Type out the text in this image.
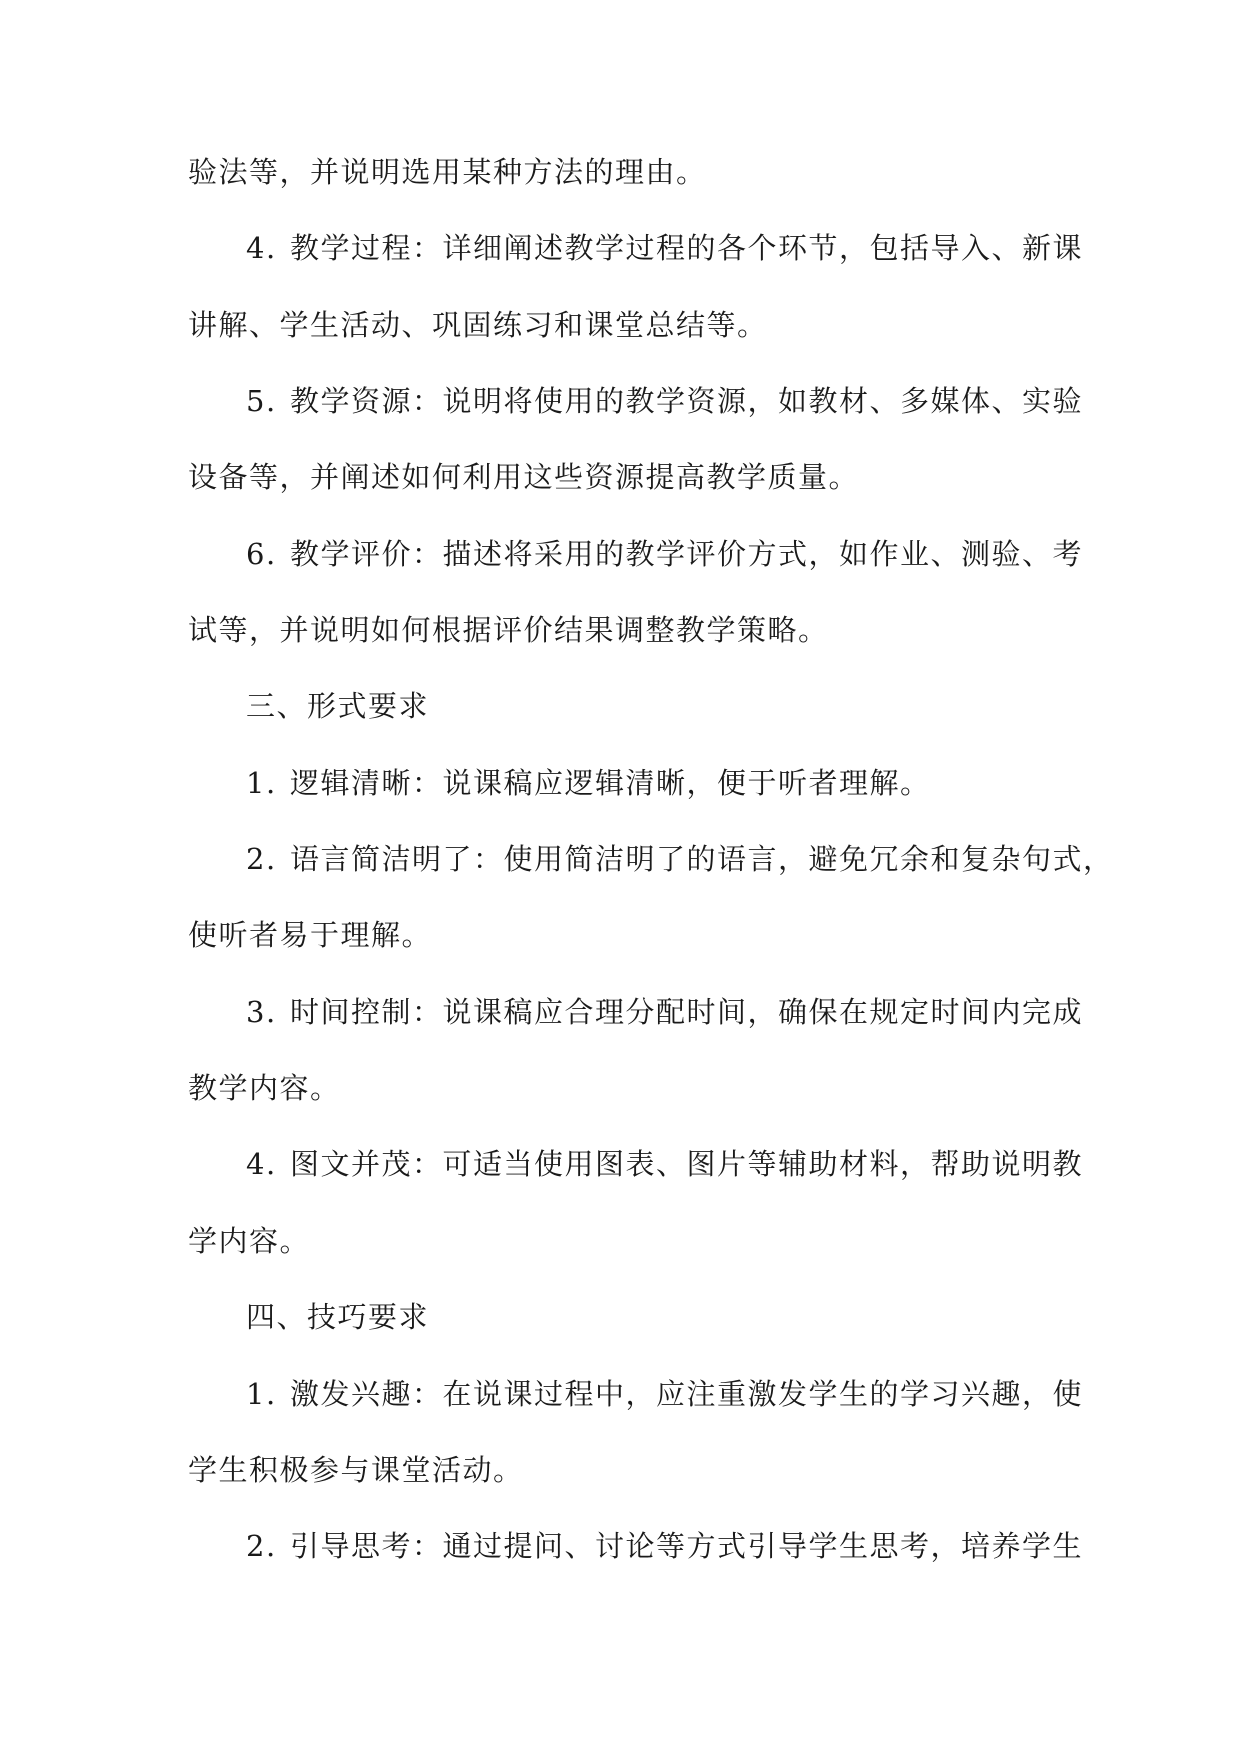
验法等，并说明选用某种方法的理由。
4. 教学过程：详细阐述教学过程的各个环节，包括导入、新课
讲解、学生活动、巩固练习和课堂总结等。
5. 教学资源：说明将使用的教学资源，如教材、多媒体、实验
设备等，并阐述如何利用这些资源提高教学质量。
6. 教学评价：描述将采用的教学评价方式，如作业、测验、考
试等，并说明如何根据评价结果调整教学策略。
三、形式要求
1. 逻辑清晰：说课稿应逻辑清晰，便于听者理解。
2. 语言简洁明了：使用简洁明了的语言，避免冗余和复杂句式，
使听者易于理解。
3. 时间控制：说课稿应合理分配时间，确保在规定时间内完成
教学内容。
4. 图文并茂：可适当使用图表、图片等辅助材料，帮助说明教
学内容。
四、技巧要求
1. 激发兴趣：在说课过程中，应注重激发学生的学习兴趣，使
学生积极参与课堂活动。
2. 引导思考：通过提问、讨论等方式引导学生思考，培养学生
